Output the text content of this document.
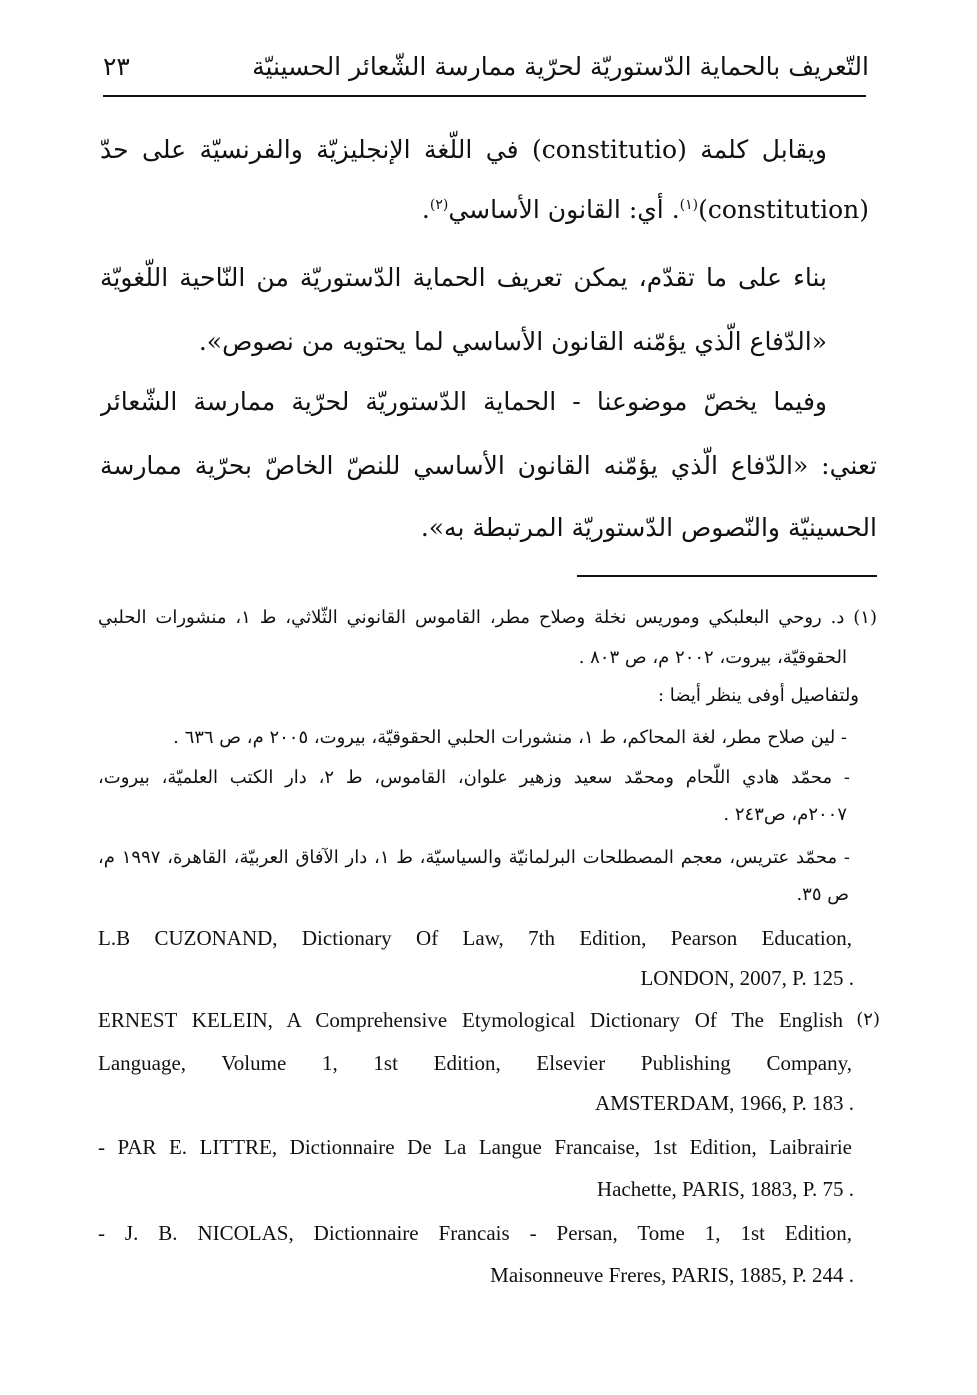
التّعريف بالحماية الدّستوريّة لحرّية ممارسة الشّعائر الحسينيّة
٢٣
ويقابل كلمة (constitutio) في اللّغة الإنجليزيّة والفرنسيّة على حدّ
(constitution)$^{(١)}$. أي: القانون الأساسي$^{(٢)}$.
بناء على ما تقدّم، يمكن تعريف الحماية الدّستوريّة من النّاحية اللّغويّة
«الدّفاع الّذي يؤمّنه القانون الأساسي لما يحتويه من نصوص».
وفيما يخصّ موضوعنا - الحماية الدّستوريّة لحرّية ممارسة الشّعائر
تعني: «الدّفاع الّذي يؤمّنه القانون الأساسي للنصّ الخاصّ بحرّية ممارسة
الحسينيّة والنّصوص الدّستوريّة المرتبطة به».
(١) د. روحي البعلبكي وموريس نخلة وصلاح مطر، القاموس القانوني الثّلاثي، ط ١، منشورات الحلبي
الحقوقيّة، بيروت، ٢٠٠٢ م، ص ٨٠٣ .
ولتفاصيل أوفى ينظر أيضا :
- لين صلاح مطر، لغة المحاكم، ط ١، منشورات الحلبي الحقوقيّة، بيروت، ٢٠٠٥ م، ص ٦٣٦ .
- محمّد هادي اللّحام ومحمّد سعيد وزهير علوان، القاموس، ط ٢، دار الكتب العلميّة، بيروت،
٢٠٠٧م، ص٢٤٣ .
- محمّد عتريس، معجم المصطلحات البرلمانيّة والسياسيّة، ط ١، دار الآفاق العربيّة، القاهرة، ١٩٩٧ م،
ص ٣٥.
L.B CUZONAND, Dictionary Of Law, 7th Edition, Pearson Education,
LONDON, 2007, P. 125 .
ERNEST KELEIN, A Comprehensive Etymological Dictionary Of The English (٢)
Language, Volume 1, 1st Edition, Elsevier Publishing Company,
AMSTERDAM, 1966, P. 183 .
- PAR E. LITTRE, Dictionnaire De La Langue Francaise, 1st Edition, Laibrairie
Hachette, PARIS, 1883, P. 75 .
- J. B. NICOLAS, Dictionnaire Francais - Persan, Tome 1, 1st Edition,
Maisonneuve Freres, PARIS, 1885, P. 244 .
